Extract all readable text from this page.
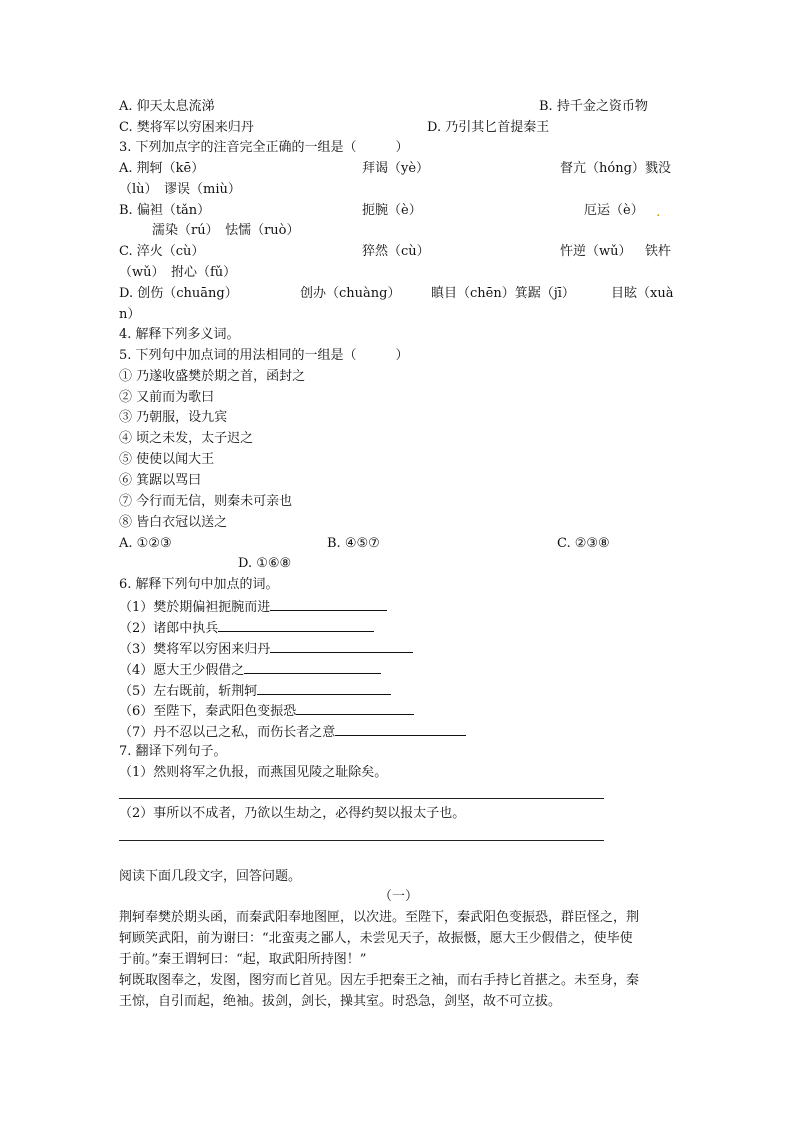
A. 仰天太息流涕	B. 持千金之资币物
C. 樊将军以穷困来归丹	D. 乃引其匕首提秦王
3. 下列加点字的注音完全正确的一组是（　　　）
A. 荆轲（kē）	拜谒（yè）	督亢（hóng） 戮没
（lù）　谬误（miù）
B. 偏袒（tǎn）	扼腕（è）	厄运（è） .
濡染（rú）　怯懦（ruò）
C. 淬火（cù）	猝然（cù）	忤逆（wǔ） 铁杵
（wǔ）　拊心（fǔ）
D. 创伤（chuāng）	创办（chuàng） 瞋目（chēn）箕踞（jī）	目眩（xuà
n）
4. 解释下列多义词。
5. 下列句中加点词的用法相同的一组是（　　　）
① 乃遂收盛樊於期之首，函封之
② 又前而为歌曰
③ 乃朝服，设九宾
④ 顷之未发，太子迟之
⑤ 使使以闻大王
⑥ 箕踞以骂曰
⑦ 今行而无信，则秦未可亲也
⑧ 皆白衣冠以送之
A. ①②③	B. ④⑤⑦	C. ②③⑧
D. ①⑥⑧
6. 解释下列句中加点的词。
（1）樊於期偏袒扼腕而进
（2）诸郎中执兵
（3）樊将军以穷困来归丹
（4）愿大王少假借之
（5）左右既前，斩荆轲
（6）至陛下，秦武阳色变振恐
（7）丹不忍以己之私，而伤长者之意
7. 翻译下列句子。
（1）然则将军之仇报，而燕国见陵之耻除矣。
（2）事所以不成者，乃欲以生劫之，必得约契以报太子也。
阅读下面几段文字，回答问题。
（一）
荆轲奉樊於期头函，而秦武阳奉地图匣，以次进。至陛下，秦武阳色变振恐，群臣怪之，荆
轲顾笑武阳，前为谢曰：“北蛮夷之鄙人，未尝见天子，故振慑，愿大王少假借之，使毕使
于前。”秦王谓轲曰：“起，取武阳所持图！”
轲既取图奉之，发图，图穷而匕首见。因左手把秦王之袖，而右手持匕首揕之。未至身，秦
王惊，自引而起，绝袖。拔剑，剑长，操其室。时恐急，剑坚，故不可立拔。
